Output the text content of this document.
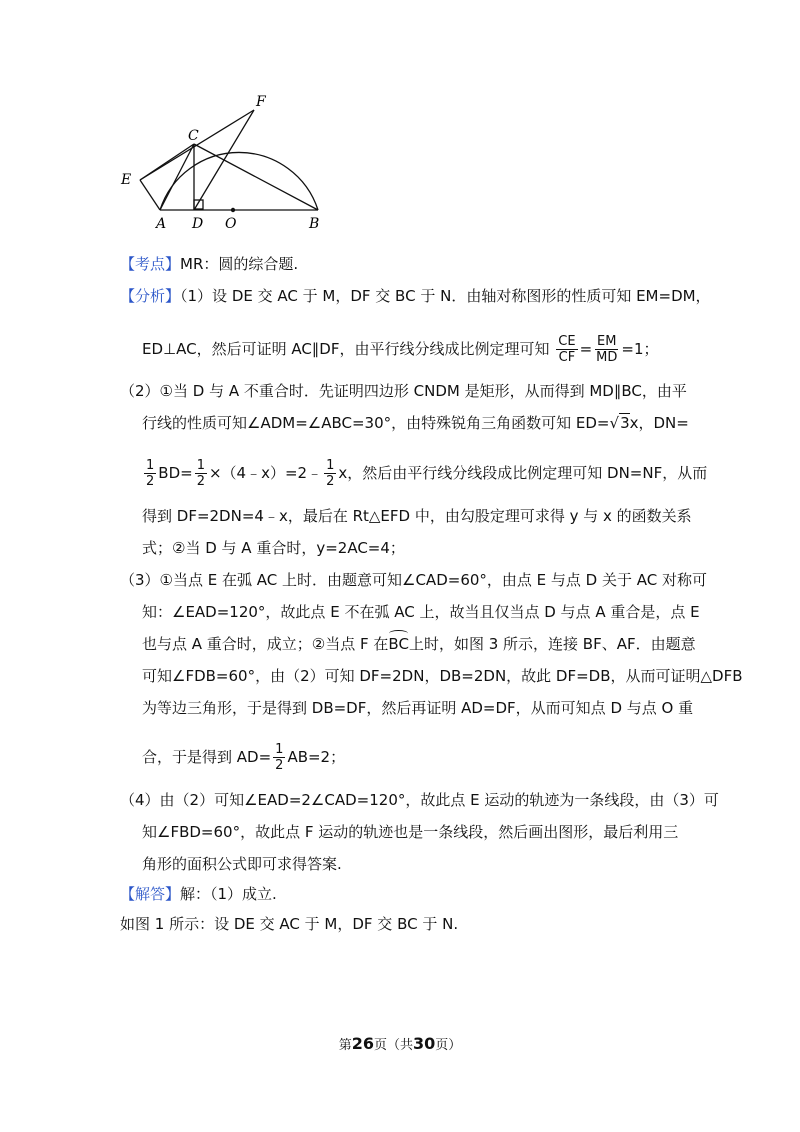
F
C
E
A D O	B
【考点】MR：圆的综合题.
【分析】（1）设 DE 交 AC 于 M，DF 交 BC 于 N．由轴对称图形的性质可知 EM=DM，
ED⊥AC，然后可证明 AC∥DF，由平行线分线成比例定理可知 $\frac{CE}{CF} = \frac{EM}{MD} =1$；
（2）①当 D 与 A 不重合时．先证明四边形 CNDM 是矩形，从而得到 MD∥BC，由平
行线的性质可知∠ADM=∠ABC=30°，由特殊锐角三角函数可知 ED=√3x，DN=
$\frac{1}{2} BD= \frac{1}{2}$ ×（4﹣x）=2﹣ $\frac{1}{2}$ x，然后由平行线分线段成比例定理可知 DN=NF，从而
得到 DF=2DN=4﹣x，最后在 Rt△EFD 中，由勾股定理可求得 y 与 x 的函数关系
式；②当 D 与 A 重合时，y=2AC=4；
（3）①当点 E 在弧 AC 上时．由题意可知∠CAD=60°，由点 E 与点 D 关于 AC 对称可
知：∠EAD=120°，故此点 E 不在弧 AC 上，故当且仅当点 D 与点 A 重合是，点 E
也与点 A 重合时，成立；②当点 F 在BC上时，如图 3 所示，连接 BF、AF．由题意
可知∠FDB=60°，由（2）可知 DF=2DN，DB=2DN，故此 DF=DB，从而可证明△DFB
为等边三角形，于是得到 DB=DF，然后再证明 AD=DF，从而可知点 D 与点 O 重
合，于是得到 $AD= \frac{1}{2} AB=2$；
（4）由（2）可知∠EAD=2∠CAD=120°，故此点 E 运动的轨迹为一条线段，由（3）可
知∠FBD=60°，故此点 F 运动的轨迹也是一条线段，然后画出图形，最后利用三
角形的面积公式即可求得答案.
【解答】解：（1）成立.
如图 1 所示：设 DE 交 AC 于 M，DF 交 BC 于 N.
第26页（共30页）
